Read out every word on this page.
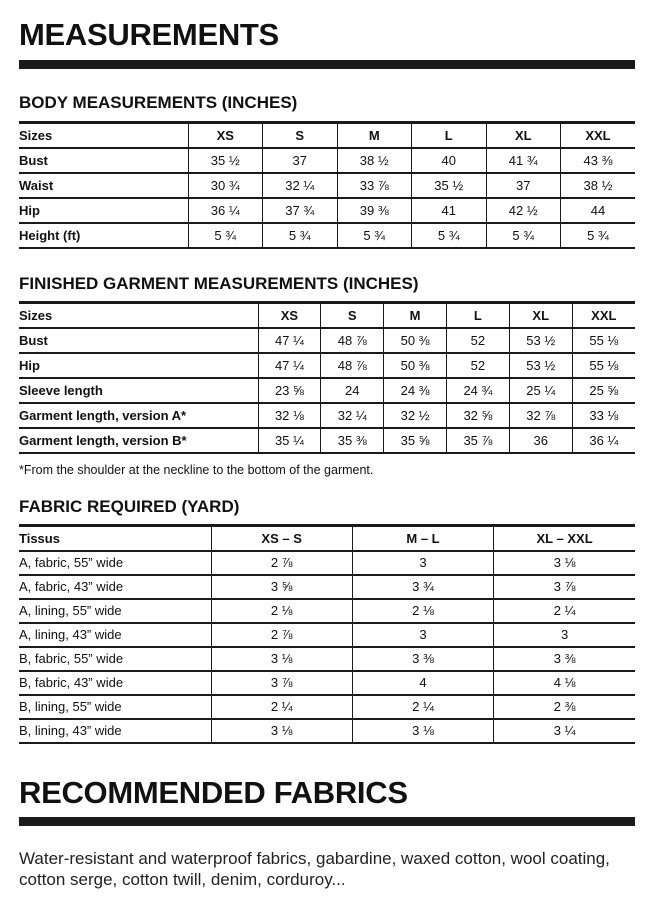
MEASUREMENTS
BODY MEASUREMENTS (INCHES)
Sizes	XS	S	M	L	XL	XXL
Bust	35 ½	37	38 ½	40	41 ¾	43 ⅜
Waist	30 ¾	32 ¼	33 ⅞	35 ½	37	38 ½
Hip	36 ¼	37 ¾	39 ⅜	41	42 ½	44
Height (ft)	5 ¾	5 ¾	5 ¾	5 ¾	5 ¾	5 ¾
FINISHED GARMENT MEASUREMENTS (INCHES)
Sizes	XS	S	M	L	XL	XXL
Bust	47 ¼	48 ⅞	50 ⅜	52	53 ½	55 ⅛
Hip	47 ¼	48 ⅞	50 ⅜	52	53 ½	55 ⅛
Sleeve length	23 ⅝	24	24 ⅜	24 ¾	25 ¼	25 ⅝
Garment length, version A*	32 ⅛	32 ¼	32 ½	32 ⅝	32 ⅞	33 ⅛
Garment length, version B*	35 ¼	35 ⅜	35 ⅝	35 ⅞	36	36 ¼

*From the shoulder at the neckline to the bottom of the garment.

FABRIC REQUIRED (YARD)
Tissus	XS – S	M – L	XL – XXL
A, fabric, 55” wide	2 ⅞	3	3 ⅛
A, fabric, 43” wide	3 ⅝	3 ¾	3 ⅞
A, lining, 55” wide	2 ⅛	2 ⅛	2 ¼
A, lining, 43” wide	2 ⅞	3	3
B, fabric, 55” wide	3 ⅛	3 ⅜	3 ⅜
B, fabric, 43” wide	3 ⅞	4	4 ⅛
B, lining, 55” wide	2 ¼	2 ¼	2 ⅜
B, lining, 43” wide	3 ⅛	3 ⅛	3 ¼
RECOMMENDED FABRICS

Water-resistant and waterproof fabrics, gabardine, waxed cotton, wool coating, cotton serge, cotton twill, denim, corduroy...
